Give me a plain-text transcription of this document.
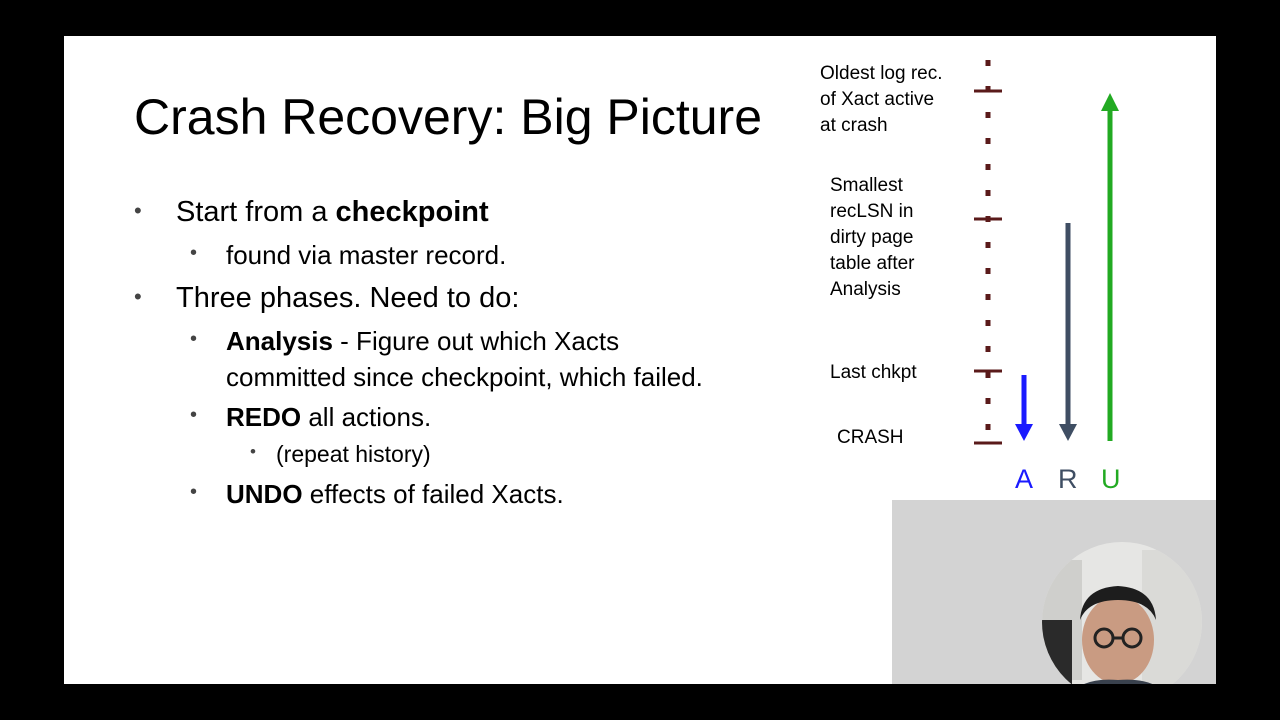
Crash Recovery: Big Picture
• Start from a checkpoint
• found via master record.
• Three phases. Need to do:
• Analysis - Figure out which Xacts
committed since checkpoint, which failed.
• REDO all actions.
• (repeat history)
• UNDO effects of failed Xacts.
Oldest log rec.
of Xact active
at crash
Smallest
recLSN in
dirty page
table after
Analysis
Last chkpt
CRASH
A R U
